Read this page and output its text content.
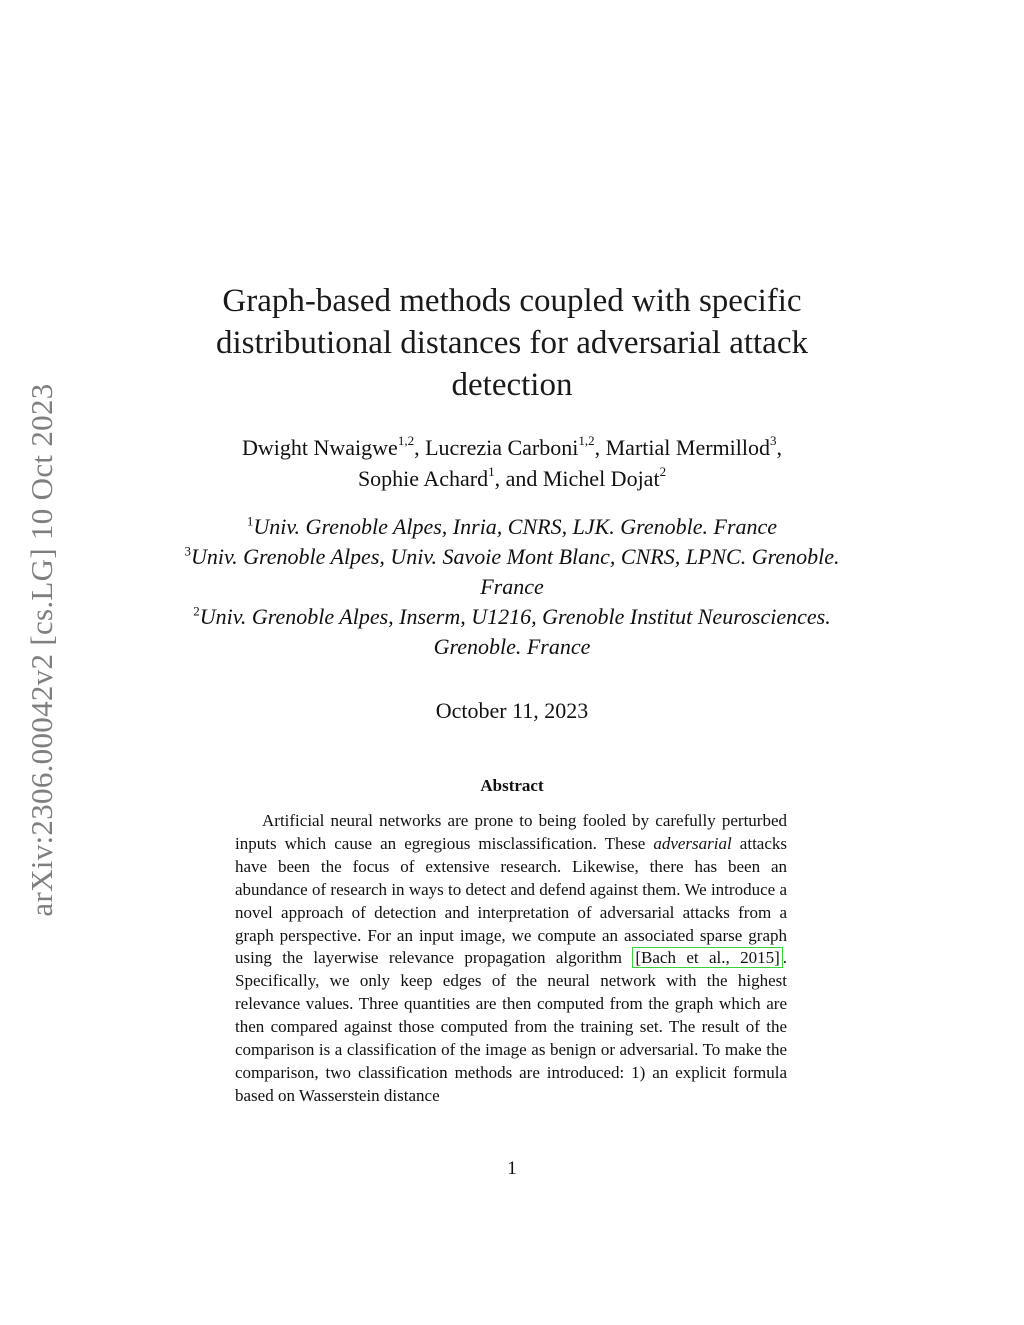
arXiv:2306.00042v2 [cs.LG] 10 Oct 2023
Graph-based methods coupled with specific
distributional distances for adversarial attack
detection
Dwight Nwaigwe$^{1,2}$, Lucrezia Carboni$^{1,2}$, Martial Mermillod$^3$,
Sophie Achard$^1$, and Michel Dojat$^2$
$^1$Univ. Grenoble Alpes, Inria, CNRS, LJK. Grenoble. France
$^3$Univ. Grenoble Alpes, Univ. Savoie Mont Blanc, CNRS, LPNC. Grenoble. France
$^2$Univ. Grenoble Alpes, Inserm, U1216, Grenoble Institut Neurosciences. Grenoble. France
October 11, 2023
Abstract
Artificial neural networks are prone to being fooled by carefully perturbed inputs which cause an egregious misclassification. These adversarial attacks have been the focus of extensive research. Likewise, there has been an abundance of research in ways to detect and defend against them. We introduce a novel approach of detection and interpretation of adversarial attacks from a graph perspective. For an input image, we compute an associated sparse graph using the layerwise relevance propagation algorithm [Bach et al., 2015] . Specifically, we only keep edges of the neural network with the highest relevance values. Three quantities are then computed from the graph which are then compared against those computed from the training set. The result of the comparison is a classification of the image as benign or adversarial. To make the comparison, two classification methods are introduced: 1) an explicit formula based on Wasserstein distance
1
